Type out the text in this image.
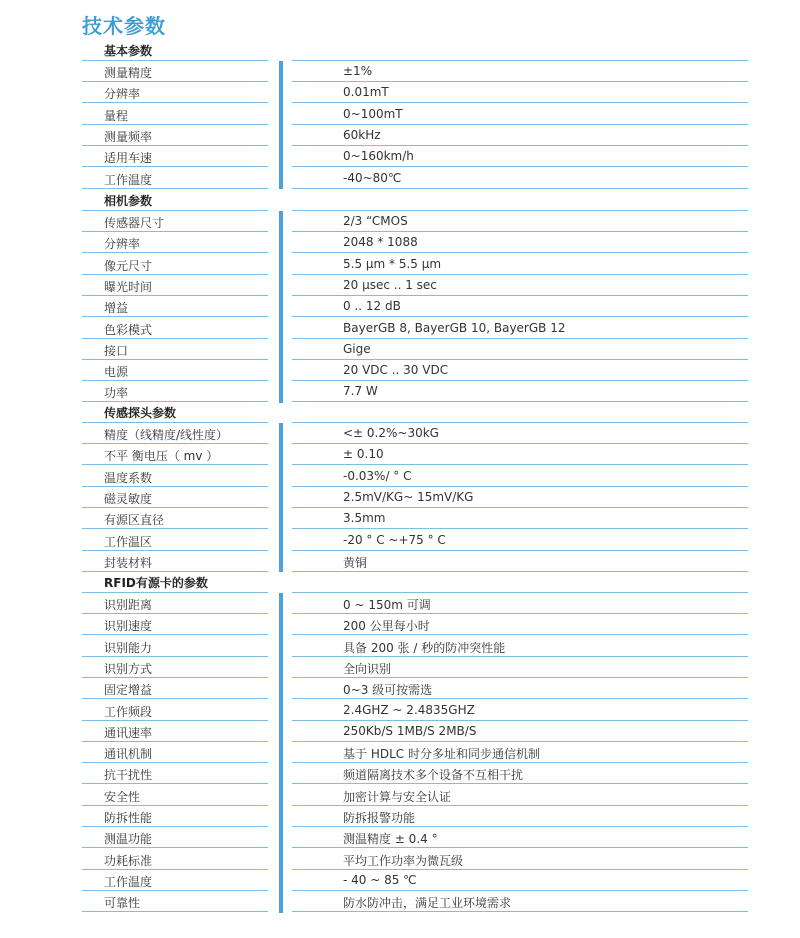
技术参数
基本参数
测量精度	±1%
分辨率	0.01mT
量程	0~100mT
测量频率	60kHz
适用车速	0~160km/h
工作温度	-40~80℃
相机参数
传感器尺寸	2/3 “CMOS
分辨率	2048 * 1088
像元尺寸	5.5 µm * 5.5 µm
曝光时间	20 µsec .. 1 sec
增益	0 .. 12 dB
色彩模式	BayerGB 8, BayerGB 10, BayerGB 12
接口	Gige
电源	20 VDC .. 30 VDC
功率	7.7 W
传感探头参数
精度（线精度/线性度）	<± 0.2%~30kG
不平 衡电压（ mv ）	± 0.10
温度系数	-0.03%/ ° C
磁灵敏度	2.5mV/KG~ 15mV/KG
有源区直径	3.5mm
工作温区	-20 ° C ~+75 ° C
封装材料	黄铜
RFID有源卡的参数
识别距离	0 ~ 150m 可调
识别速度	200 公里每小时
识别能力	具备 200 张 / 秒的防冲突性能
识别方式	全向识别
固定增益	0~3 级可按需选
工作频段	2.4GHZ ~ 2.4835GHZ
通讯速率	250Kb/S 1MB/S 2MB/S
通讯机制	基于 HDLC 时分多址和同步通信机制
抗干扰性	频道隔离技术多个设备不互相干扰
安全性	加密计算与安全认证
防拆性能	防拆报警功能
测温功能	测温精度 ± 0.4 °
功耗标准	平均工作功率为微瓦级
工作温度	- 40 ~ 85 ℃
可靠性	防水防冲击，满足工业环境需求
